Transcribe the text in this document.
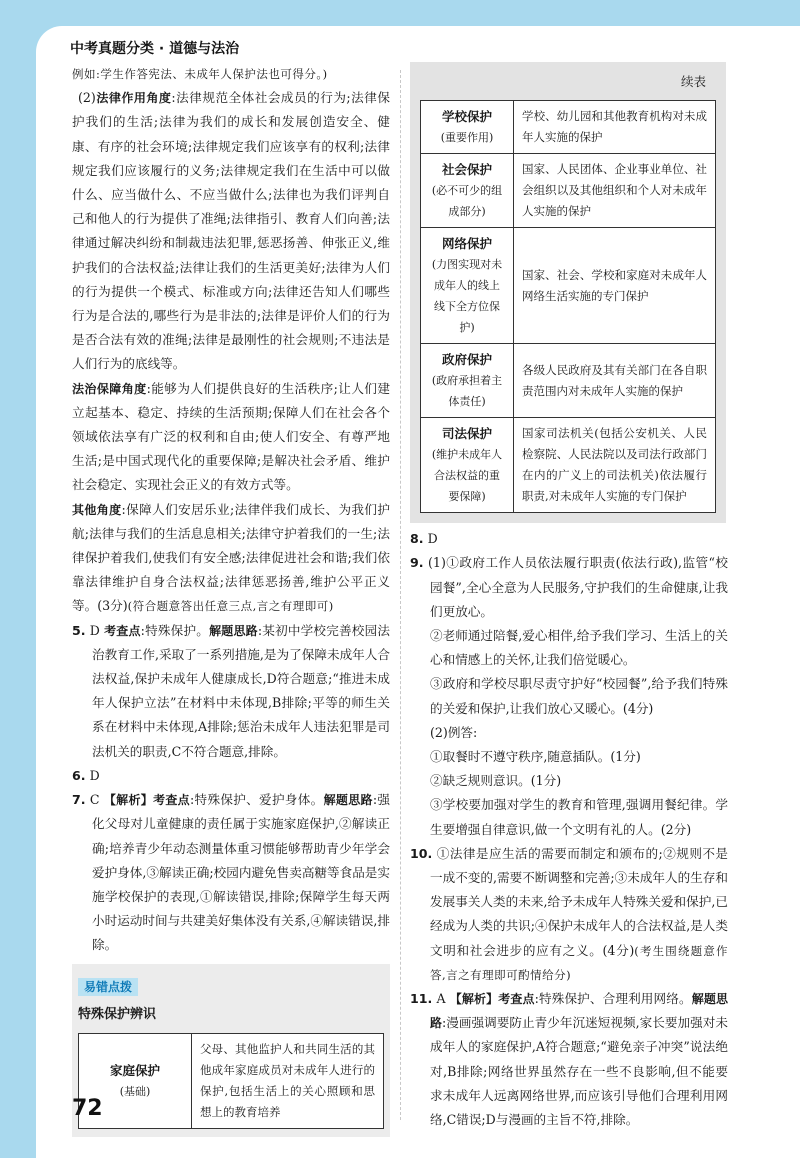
中考真题分类 · 道德与法治

例如:学生作答宪法、未成年人保护法也可得分。)

(2)法律作用角度:法律规范全体社会成员的行为;法律保护我们的生活;法律为我们的成长和发展创造安全、健康、有序的社会环境;法律规定我们应该享有的权利;法律规定我们应该履行的义务;法律规定我们在生活中可以做什么、应当做什么、不应当做什么;法律也为我们评判自己和他人的行为提供了准绳;法律指引、教育人们向善;法律通过解决纠纷和制裁违法犯罪,惩恶扬善、伸张正义,维护我们的合法权益;法律让我们的生活更美好;法律为人们的行为提供一个模式、标准或方向;法律还告知人们哪些行为是合法的,哪些行为是非法的;法律是评价人们的行为是否合法有效的准绳;法律是最刚性的社会规则;不违法是人们行为的底线等。

法治保障角度:能够为人们提供良好的生活秩序;让人们建立起基本、稳定、持续的生活预期;保障人们在社会各个领域依法享有广泛的权利和自由;使人们安全、有尊严地生活;是中国式现代化的重要保障;是解决社会矛盾、维护社会稳定、实现社会正义的有效方式等。

其他角度:保障人们安居乐业;法律伴我们成长、为我们护航;法律与我们的生活息息相关;法律守护着我们的一生;法律保护着我们,使我们有安全感;法律促进社会和谐;我们依靠法律维护自身合法权益;法律惩恶扬善,维护公平正义等。(3分)(符合题意答出任意三点,言之有理即可)

5. D 考查点:特殊保护。解题思路:某初中学校完善校园法治教育工作,采取了一系列措施,是为了保障未成年人合法权益,保护未成年人健康成长,D符合题意;“推进未成年人保护立法”在材料中未体现,B排除;平等的师生关系在材料中未体现,A排除;惩治未成年人违法犯罪是司法机关的职责,C不符合题意,排除。

6. D

7. C 【解析】考查点:特殊保护、爱护身体。解题思路:强化父母对儿童健康的责任属于实施家庭保护,②解读正确;培养青少年动态测量体重习惯能够帮助青少年学会爱护身体,③解读正确;校园内避免售卖高糖等食品是实施学校保护的表现,①解读错误,排除;保障学生每天两小时运动时间与共建美好集体没有关系,④解读错误,排除。

易错点拨
特殊保护辨识
家庭保护
(基础)
	父母、其他监护人和共同生活的其他成年家庭成员对未成年人进行的保护,包括生活上的关心照顾和思想上的教育培养
续表
学校保护
(重要作用)	学校、幼儿园和其他教育机构对未成年人实施的保护

社会保护
(必不可少的组成部分)	国家、人民团体、企业事业单位、社会组织以及其他组织和个人对未成年人实施的保护

网络保护
(力图实现对未成年人的线上线下全方位保护)	国家、社会、学校和家庭对未成年人网络生活实施的专门保护

政府保护
(政府承担着主体责任)	各级人民政府及其有关部门在各自职责范围内对未成年人实施的保护

司法保护
(维护未成年人合法权益的重要保障)	国家司法机关(包括公安机关、人民检察院、人民法院以及司法行政部门在内的广义上的司法机关)依法履行职责,对未成年人实施的专门保护

8. D

9. (1)①政府工作人员依法履行职责(依法行政),监管“校园餐”,全心全意为人民服务,守护我们的生命健康,让我们更放心。

②老师通过陪餐,爱心相伴,给予我们学习、生活上的关心和情感上的关怀,让我们倍觉暖心。

③政府和学校尽职尽责守护好“校园餐”,给予我们特殊的关爱和保护,让我们放心又暖心。(4分)

(2)例答:

①取餐时不遵守秩序,随意插队。(1分)

②缺乏规则意识。(1分)

③学校要加强对学生的教育和管理,强调用餐纪律。学生要增强自律意识,做一个文明有礼的人。(2分)

10. ①法律是应生活的需要而制定和颁布的;②规则不是一成不变的,需要不断调整和完善;③未成年人的生存和发展事关人类的未来,给予未成年人特殊关爱和保护,已经成为人类的共识;④保护未成年人的合法权益,是人类文明和社会进步的应有之义。(4分)(考生围绕题意作答,言之有理即可酌情给分)

11. A 【解析】考查点:特殊保护、合理利用网络。解题思路:漫画强调要防止青少年沉迷短视频,家长要加强对未成年人的家庭保护,A符合题意;“避免亲子冲突”说法绝对,B排除;网络世界虽然存在一些不良影响,但不能要求未成年人远离网络世界,而应该引导他们合理利用网络,C错误;D与漫画的主旨不符,排除。

72
